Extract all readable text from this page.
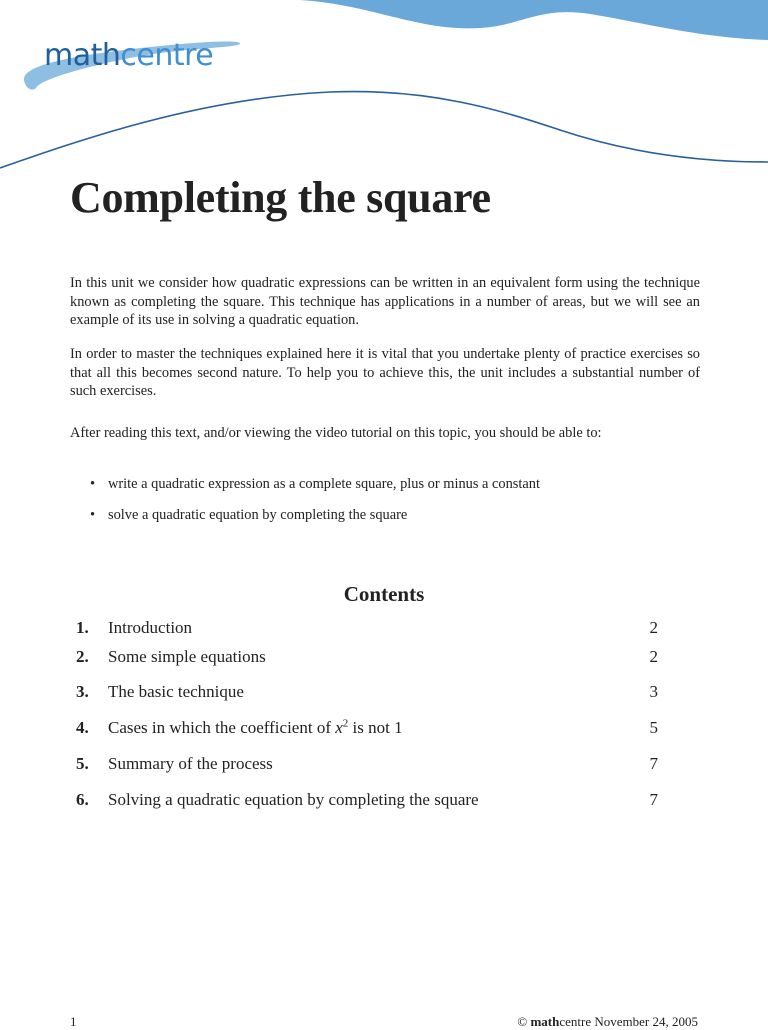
mathcentre
Completing the square

In this unit we consider how quadratic expressions can be written in an equivalent form using the technique known as completing the square. This technique has applications in a number of areas, but we will see an example of its use in solving a quadratic equation.

In order to master the techniques explained here it is vital that you undertake plenty of practice exercises so that all this becomes second nature. To help you to achieve this, the unit includes a substantial number of such exercises.

After reading this text, and/or viewing the video tutorial on this topic, you should be able to:

• write a quadratic expression as a complete square, plus or minus a constant
• solve a quadratic equation by completing the square
Contents
1. Introduction	2
2. Some simple equations	2
3. The basic technique	3
4. Cases in which the coefficient of $x^2$ is not 1	5
5. Summary of the process	7
6. Solving a quadratic equation by completing the square	7
1	© mathcentre November 24, 2005
